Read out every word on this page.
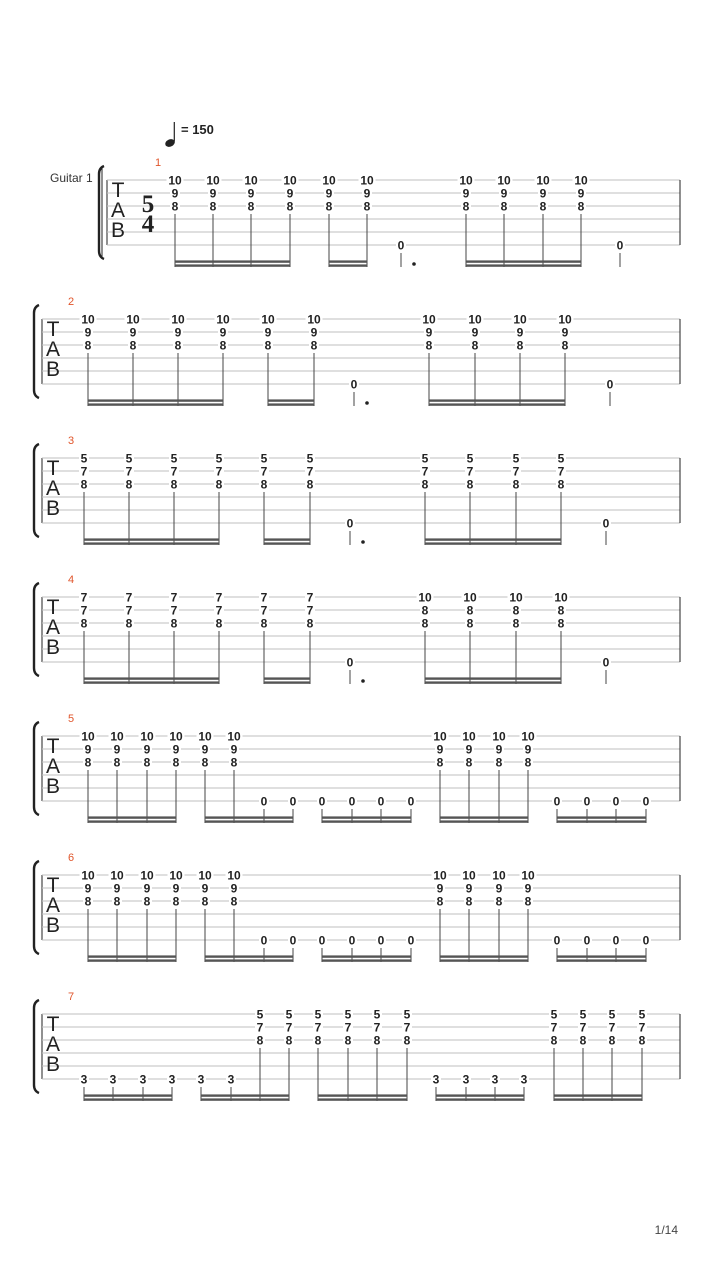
= 150
Guitar 1
T
A
B
5
4
1
10
9
8
10
9
8
10
9
8
10
9
8
10
9
8
10
9
8
0
10
9
8
10
9
8
10
9
8
10
9
8
0
T
A
B
2
10
9
8
10
9
8
10
9
8
10
9
8
10
9
8
10
9
8
0
10
9
8
10
9
8
10
9
8
10
9
8
0
T
A
B
3
5
7
8
5
7
8
5
7
8
5
7
8
5
7
8
5
7
8
0
5
7
8
5
7
8
5
7
8
5
7
8
0
T
A
B
4
7
7
8
7
7
8
7
7
8
7
7
8
7
7
8
7
7
8
0
10
8
8
10
8
8
10
8
8
10
8
8
0
T
A
B
5
10
9
8
10
9
8
10
9
8
10
9
8
10
9
8
10
9
8
0 0 0 0 0 0
10
9
8
10
9
8
10
9
8
10
9
8
0 0 0 0
T
A
B
6
10
9
8
10
9
8
10
9
8
10
9
8
10
9
8
10
9
8
0 0 0 0 0 0
10
9
8
10
9
8
10
9
8
10
9
8
0 0 0 0
T
A
B
7
3 3 3 3 3 3
5
7
8
5
7
8
5
7
8
5
7
8
5
7
8
5
7
8
3 3 3 3
5
7
8
5
7
8
5
7
8
5
7
8
1/14
